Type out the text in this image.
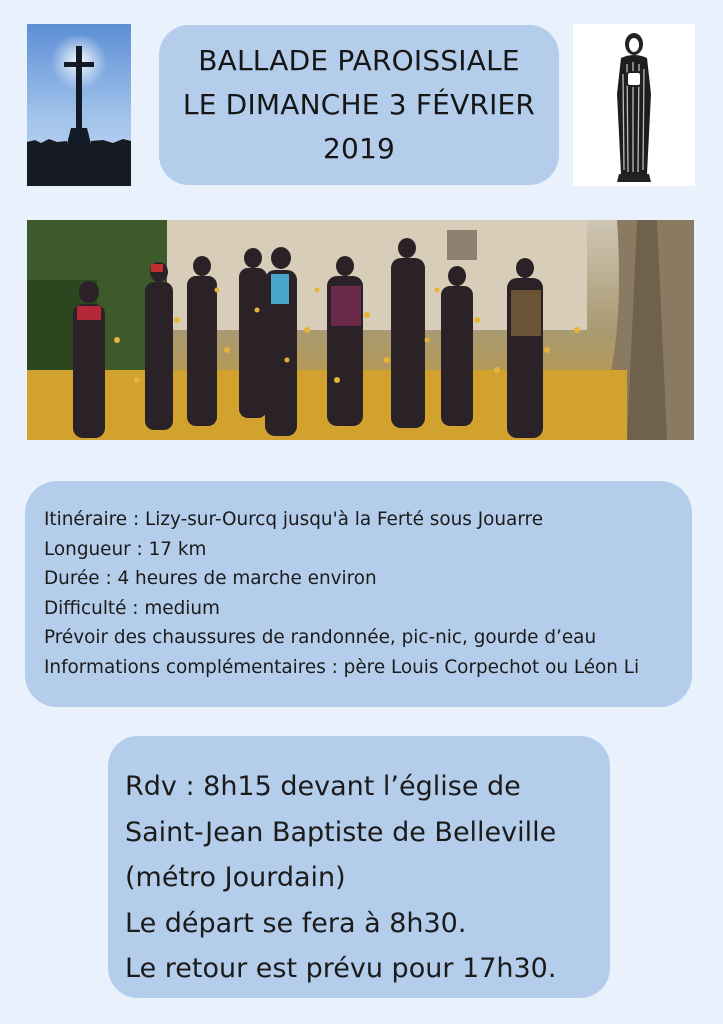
BALLADE PAROISSIALE
LE DIMANCHE 3 FÉVRIER
2019
Itinéraire : Lizy-sur-Ourcq jusqu'à la Ferté sous Jouarre
Longueur : 17 km
Durée : 4 heures de marche environ
Difficulté : medium
Prévoir des chaussures de randonnée, pic-nic, gourde d’eau
Informations complémentaires : père Louis Corpechot ou Léon Li
Rdv : 8h15 devant l’église de
Saint-Jean Baptiste de Belleville
(métro Jourdain)
Le départ se fera à 8h30.
Le retour est prévu pour 17h30.
